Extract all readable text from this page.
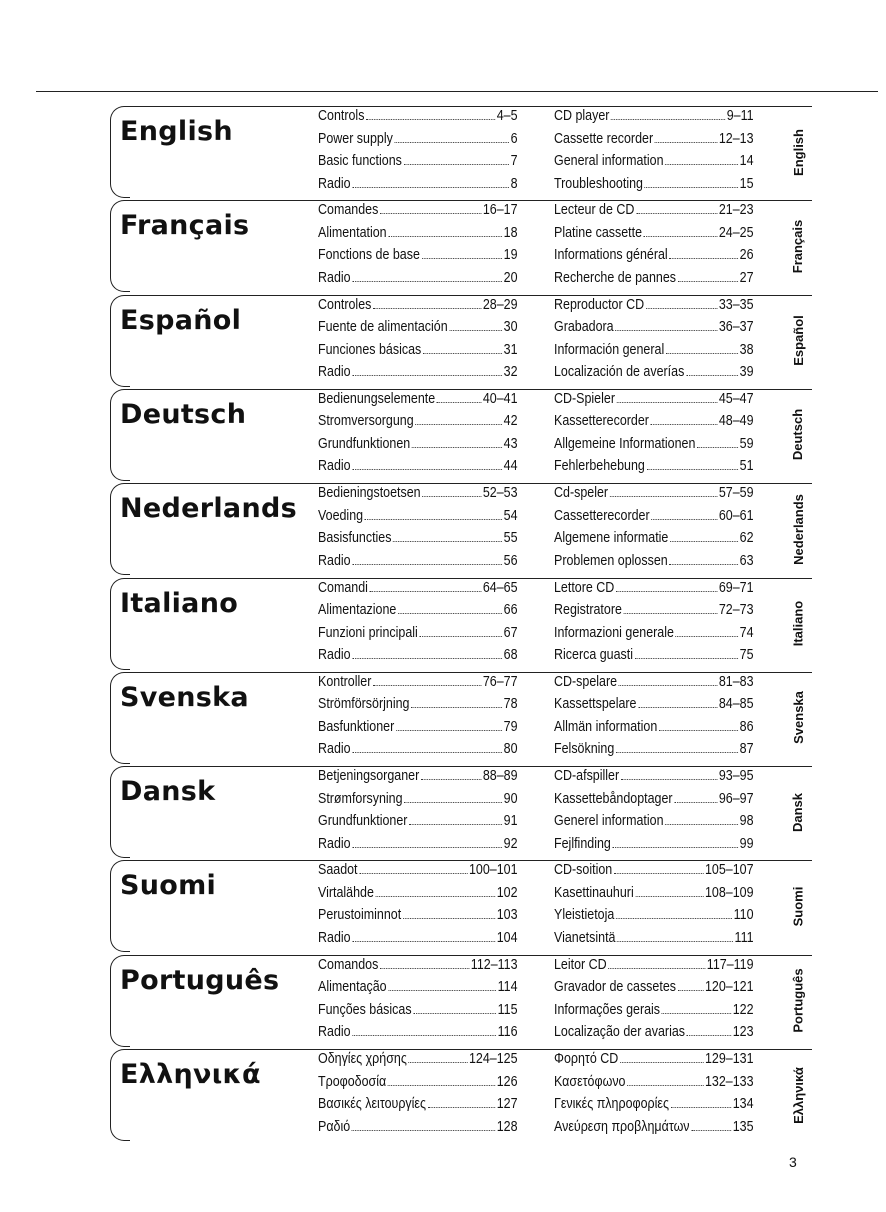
English	Controls	4–5
Power supply	6
Basic functions	7
Radio	8
CD player	9–11
Cassette recorder	12–13
General information	14
Troubleshooting	15
English
Français	Comandes	16–17
Alimentation	18
Fonctions de base	19
Radio	20
Lecteur de CD	21–23
Platine cassette	24–25
Informations général	26
Recherche de pannes	27
Français
Español	Controles	28–29
Fuente de alimentación	30
Funciones básicas	31
Radio	32
Reproductor CD	33–35
Grabadora	36–37
Información general	38
Localización de averías	39
Español
Deutsch	Bedienungselemente	40–41
Stromversorgung	42
Grundfunktionen	43
Radio	44
CD-Spieler	45–47
Kassetterecorder	48–49
Allgemeine Informationen	59
Fehlerbehebung	51
Deutsch
Nederlands Bedieningstoetsen	52–53
Voeding	54
Basisfuncties	55
Radio	56
Cd-speler	57–59
Cassetterecorder	60–61
Algemene informatie	62
Problemen oplossen	63	Nederlands
Italiano	Comandi	64–65
Alimentazione	66
Funzioni principali	67
Radio	68
Lettore CD	69–71
Registratore	72–73
Informazioni generale	74
Ricerca guasti	75
Italiano
Svenska	Kontroller	76–77
Strömförsörjning	78
Basfunktioner	79
Radio	80
CD-spelare	81–83
Kassettspelare	84–85
Allmän information	86
Felsökning	87
Svenska
Dansk	Betjeningsorganer	88–89
Strømforsyning	90
Grundfunktioner	91
Radio	92
CD-afspiller	93–95
Kassettebåndoptager	96–97
Generel information	98
Fejlfinding	99
Dansk
Suomi	Saadot	100–101
Virtalähde	102
Perustoiminnot	103
Radio	104
CD-soition	105–107
Kasettinauhuri	108–109
Yleistietoja	110
Vianetsintä	111
Suomi
Português	Comandos	112–113
Alimentação	114
Funções básicas	115
Radio	116
Leitor CD	117–119
Gravador de cassetes 120–121
Informações gerais	122
Localização der avarias	123	Português
Ελληνικά	Οδηγίες χρήσης	124–125
Τροφοδοσία	126
Βασικές λειτουργίες	127
Ραδιό	128
Φορητό CD	129–131
Κασετόφωνο	132–133
Γενικές πληροφορίες	134
Ανεύρεση προβλημάτων	135
Ελληνικά
3
